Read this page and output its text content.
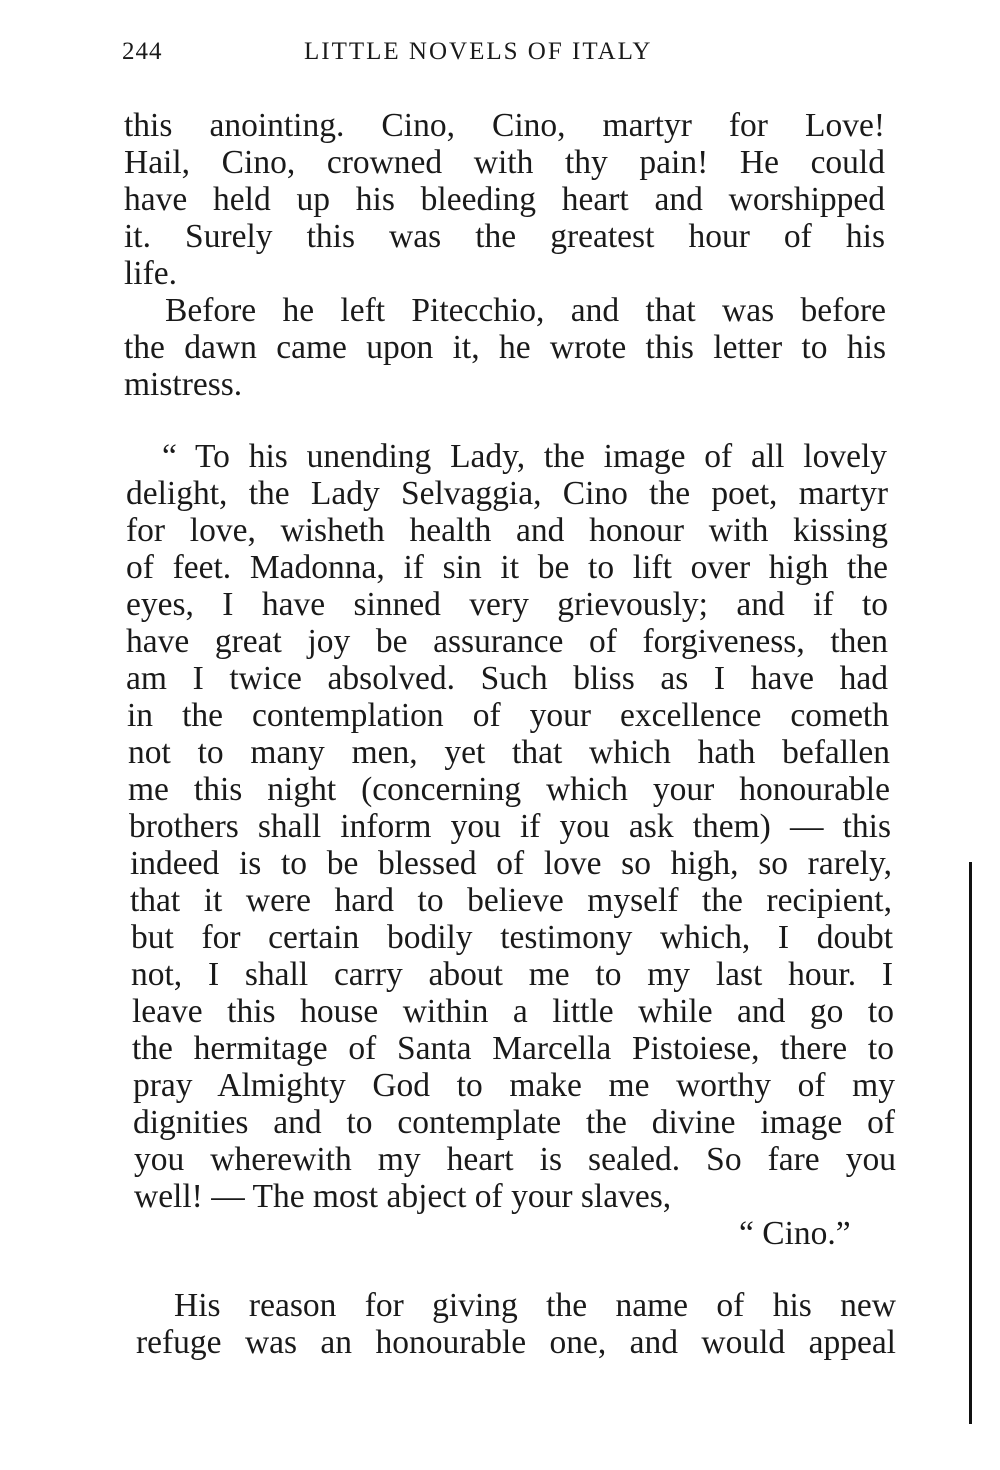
244	LITTLE NOVELS OF ITALY
this anointing. Cino, Cino, martyr for Love!
Hail, Cino, crowned with thy pain! He could
have held up his bleeding heart and worshipped
it. Surely this was the greatest hour of his
life.
Before he left Pitecchio, and that was before
the dawn came upon it, he wrote this letter to his
mistress.
“ To his unending Lady, the image of all lovely
delight, the Lady Selvaggia, Cino the poet, martyr
for love, wisheth health and honour with kissing
of feet. Madonna, if sin it be to lift over high the
eyes, I have sinned very grievously; and if to
have great joy be assurance of forgiveness, then
am I twice absolved. Such bliss as I have had
in the contemplation of your excellence cometh
not to many men, yet that which hath befallen
me this night (concerning which your honourable
brothers shall inform you if you ask them) — this
indeed is to be blessed of love so high, so rarely,
that it were hard to believe myself the recipient,
but for certain bodily testimony which, I doubt
not, I shall carry about me to my last hour. I
leave this house within a little while and go to
the hermitage of Santa Marcella Pistoiese, there to
pray Almighty God to make me worthy of my
dignities and to contemplate the divine image of
you wherewith my heart is sealed. So fare you
well! — The most abject of your slaves,
“ Cino.”
His reason for giving the name of his new
refuge was an honourable one, and would appeal
